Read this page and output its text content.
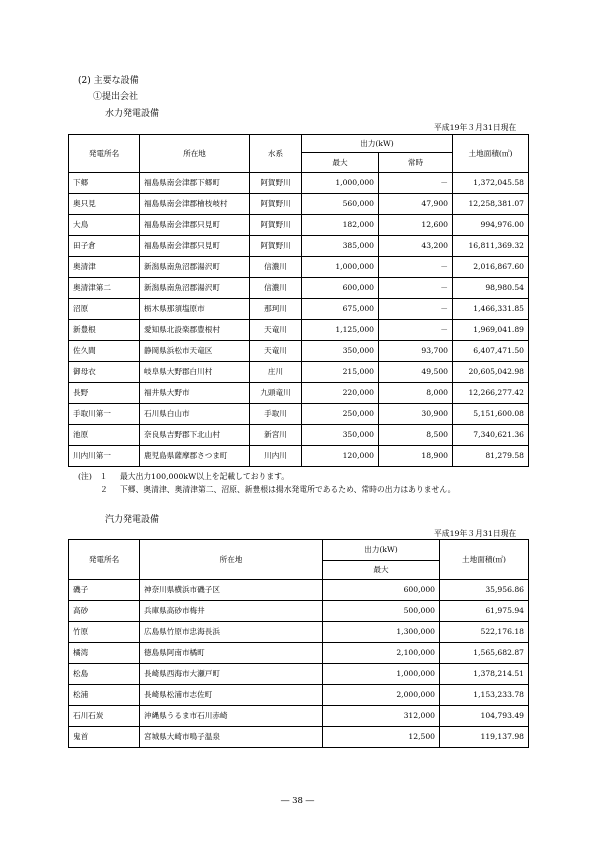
(2) 主要な設備
①提出会社
水力発電設備
平成19年３月31日現在
発電所名	所在地	水系	出力(kW)		土地面積(㎡)
			最大	常時	
下郷	福島県南会津郡下郷町	阿賀野川	1,000,000	－	1,372,045.58
奥只見	福島県南会津郡檜枝岐村	阿賀野川	560,000	47,900	12,258,381.07
大鳥	福島県南会津郡只見町	阿賀野川	182,000	12,600	994,976.00
田子倉	福島県南会津郡只見町	阿賀野川	385,000	43,200	16,811,369.32
奥清津	新潟県南魚沼郡湯沢町	信濃川	1,000,000	－	2,016,867.60
奥清津第二	新潟県南魚沼郡湯沢町	信濃川	600,000	－	98,980.54
沼原	栃木県那須塩原市	那珂川	675,000	－	1,466,331.85
新豊根	愛知県北設楽郡豊根村	天竜川	1,125,000	－	1,969,041.89
佐久間	静岡県浜松市天竜区	天竜川	350,000	93,700	6,407,471.50
御母衣	岐阜県大野郡白川村	庄川	215,000	49,500	20,605,042.98
長野	福井県大野市	九頭竜川	220,000	8,000	12,266,277.42
手取川第一	石川県白山市	手取川	250,000	30,900	5,151,600.08
池原	奈良県吉野郡下北山村	新宮川	350,000	8,500	7,340,621.36
川内川第一	鹿児島県薩摩郡さつま町	川内川	120,000	18,900	81,279.58
(注)　１ 最大出力100,000kW以上を記載しております。
２ 下郷、奥清津、奥清津第二、沼原、新豊根は揚水発電所であるため、常時の出力はありません。
汽力発電設備
平成19年３月31日現在
発電所名	所在地	出力(kW)	土地面積(㎡)
		最大	
磯子	神奈川県横浜市磯子区	600,000	35,956.86
高砂	兵庫県高砂市梅井	500,000	61,975.94
竹原	広島県竹原市忠海長浜	1,300,000	522,176.18
橘湾	徳島県阿南市橘町	2,100,000	1,565,682.87
松島	長崎県西海市大瀬戸町	1,000,000	1,378,214.51
松浦	長崎県松浦市志佐町	2,000,000	1,153,233.78
石川石炭	沖縄県うるま市石川赤崎	312,000	104,793.49
鬼首	宮城県大崎市鳴子温泉	12,500	119,137.98
― 38 ―
